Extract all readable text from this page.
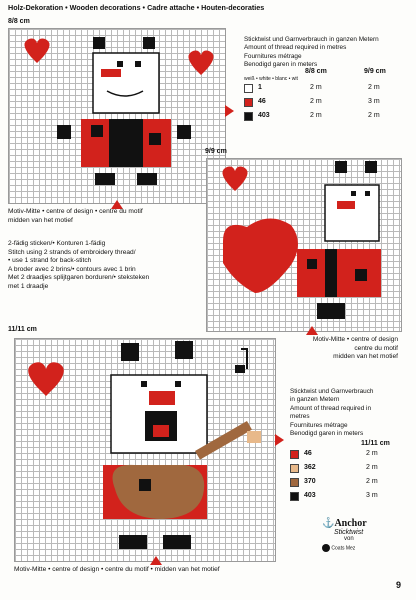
Holz-Dekoration • Wooden decorations • Cadre attache • Houten-decoraties
8/8 cm
Motiv-Mitte • centre of design • centre du motif
midden van het motief
Sticktwist und Garnverbrauch in ganzen Metern
Amount of thread required in metres
Fournitures métrage
Benodigd garen in meters
weiß • white • blanc • wit
8/8 cm	9/9 cm
1	2 m	2 m
46	2 m	3 m
403	2 m	2 m
9/9 cm
Motiv-Mitte • centre of design
centre du motif
midden van het motief
2-fädig sticken/• Konturen 1-fädig
Stitch using 2 strands of embroidery thread/
• use 1 strand for back-stitch
A broder avec 2 brins/• contours avec 1 brin
Met 2 draadjes splijtgaren borduren/• steksteken
met 1 draadje
11/11 cm
Motiv-Mitte • centre of design • centre du motif • midden van het motief
Sticktwist und Garnverbrauch
in ganzen Metern
Amount of thread required in
metres
Fournitures métrage
Benodigd garen in meters
11/11 cm
46	2 m
362	2 m
370	2 m
403	3 m
⚓Anchor
Sticktwist
von
Coats Mez
9
